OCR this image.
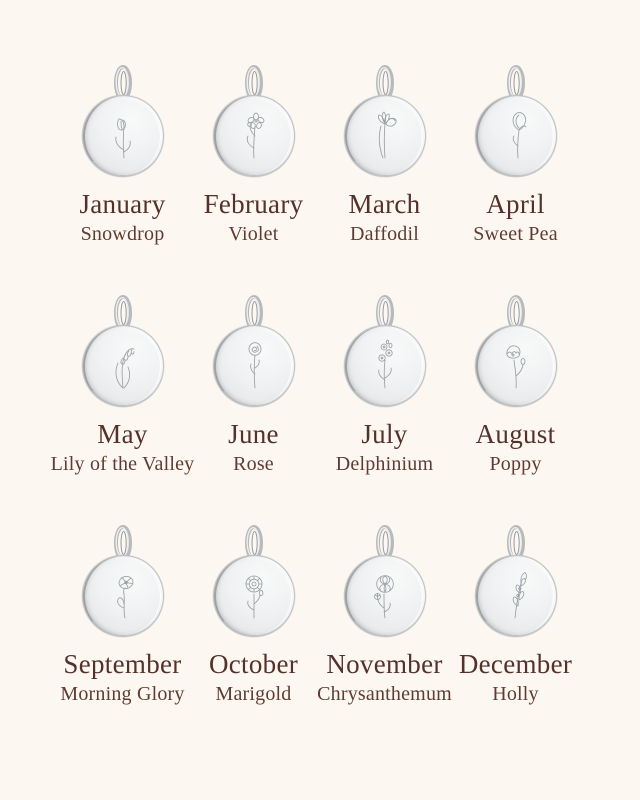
January
Snowdrop
February
Violet
March
Daffodil
April
Sweet Pea
May
Lily of the Valley
June
Rose
July
Delphinium
August
Poppy
September
Morning Glory
October
Marigold
November
Chrysanthemum
December
Holly
